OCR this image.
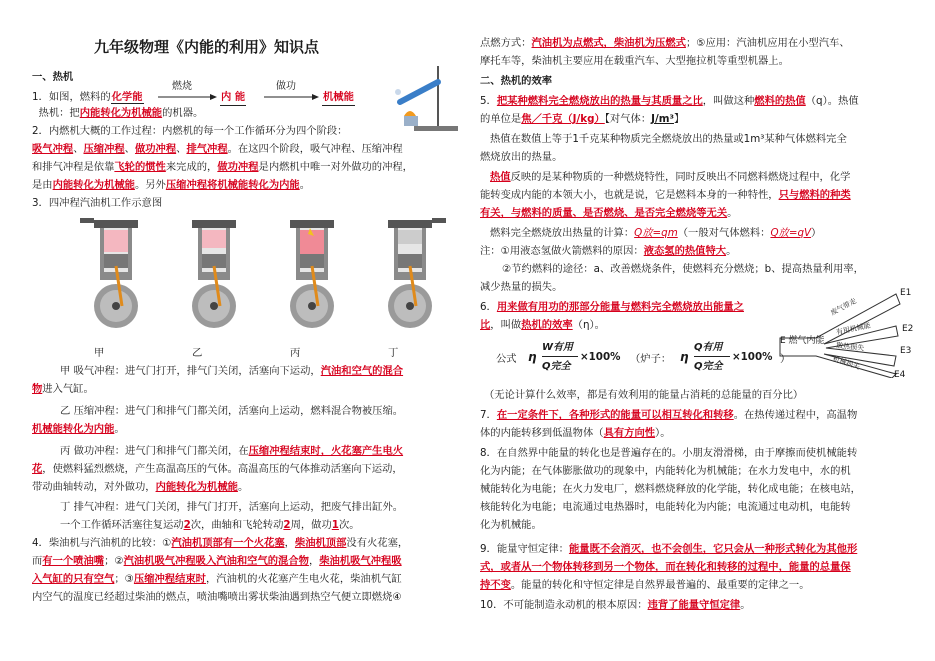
九年级物理《内能的利用》知识点
一、热机
1．如图，燃料的化学能
燃烧	做功
内 能	机械能
热机：把内能转化为机械能的机器。
2．内燃机大概的工作过程：内燃机的每一个工作循环分为四个阶段：
吸气冲程、压缩冲程、做功冲程、排气冲程。在这四个阶段，吸气冲程、压缩冲程
和排气冲程是依靠飞轮的惯性来完成的，做功冲程是内燃机中唯一对外做功的冲程，
是由内能转化为机械能。另外压缩冲程将机械能转化为内能。
3．四冲程汽油机工作示意图
甲	乙	丙	丁
甲 吸气冲程：进气门打开，排气门关闭，活塞向下运动，汽油和空气的混合
物进入气缸。
乙 压缩冲程：进气门和排气门都关闭，活塞向上运动，燃料混合物被压缩。
机械能转化为内能。
丙 做功冲程：进气门和排气门都关闭，在压缩冲程结束时，火花塞产生电火
花，使燃料猛烈燃烧，产生高温高压的气体。高温高压的气体推动活塞向下运动，
带动曲轴转动，对外做功，内能转化为机械能。
丁 排气冲程：进气门关闭，排气门打开，活塞向上运动，把废气排出缸外。
一个工作循环活塞往复运动2次，曲轴和飞轮转动2周，做功1次。
4．柴油机与汽油机的比较：①汽油机顶部有一个火花塞，柴油机顶部没有火花塞，
而有一个喷油嘴；②汽油机吸气冲程吸入汽油和空气的混合物，柴油机吸气冲程吸
入气缸的只有空气；③压缩冲程结束时，汽油机的火花塞产生电火花，柴油机气缸
内空气的温度已经超过柴油的燃点，喷油嘴喷出雾状柴油遇到热空气便立即燃烧④
点燃方式：汽油机为点燃式，柴油机为压燃式；⑤应用：汽油机应用在小型汽车、
摩托车等，柴油机主要应用在载重汽车、大型拖拉机等重型机器上。
二、热机的效率
5．把某种燃料完全燃烧放出的热量与其质量之比，叫做这种燃料的热值（q）。热值
的单位是焦／千克（J/kg）【对气体：J/m³】
热值在数值上等于1千克某种物质完全燃烧放出的热量或1m³某种气体燃料完全
燃烧放出的热量。
热值反映的是某种物质的一种燃烧特性，同时反映出不同燃料燃烧过程中，化学
能转变成内能的本领大小，也就是说，它是燃料本身的一种特性，只与燃料的种类
有关，与燃料的质量、是否燃烧、是否完全燃烧等无关。
燃料完全燃烧放出热量的计算：Q放=qm（一般对气体燃料：Q放=qV）
注：①用液态氢做火箭燃料的原因：液态氢的热值特大。
②节约燃料的途径：a、改善燃烧条件，使燃料充分燃烧；b、提高热量利用率，
减少热量的损失。
6．用来做有用功的那部分能量与燃料完全燃烧放出能量之
比，叫做热机的效率（η）。
E 燃气内能
废气带走
有用机械能
散热损失
机械损失
E1
E2
E3
E4
公式 η
W有用
Q完全
×100% （炉子： η
Q有用
Q完全
×100% ）
（无论计算什么效率，都是有效利用的能量占消耗的总能量的百分比）
7．在一定条件下，各种形式的能量可以相互转化和转移。在热传递过程中，高温物
体的内能转移到低温物体（具有方向性）。
8．在自然界中能量的转化也是普遍存在的。小朋友滑滑梯，由于摩擦而使机械能转
化为内能；在气体膨胀做功的现象中，内能转化为机械能；在水力发电中，水的机
械能转化为电能；在火力发电厂，燃料燃烧释放的化学能，转化成电能；在核电站，
核能转化为电能；电流通过电热器时，电能转化为内能；电流通过电动机，电能转
化为机械能。
9．能量守恒定律：能量既不会消灭，也不会创生，它只会从一种形式转化为其他形
式，或者从一个物体转移到另一个物体，而在转化和转移的过程中，能量的总量保
持不变。能量的转化和守恒定律是自然界最普遍的、最重要的定律之一。
10．不可能制造永动机的根本原因：违背了能量守恒定律。
